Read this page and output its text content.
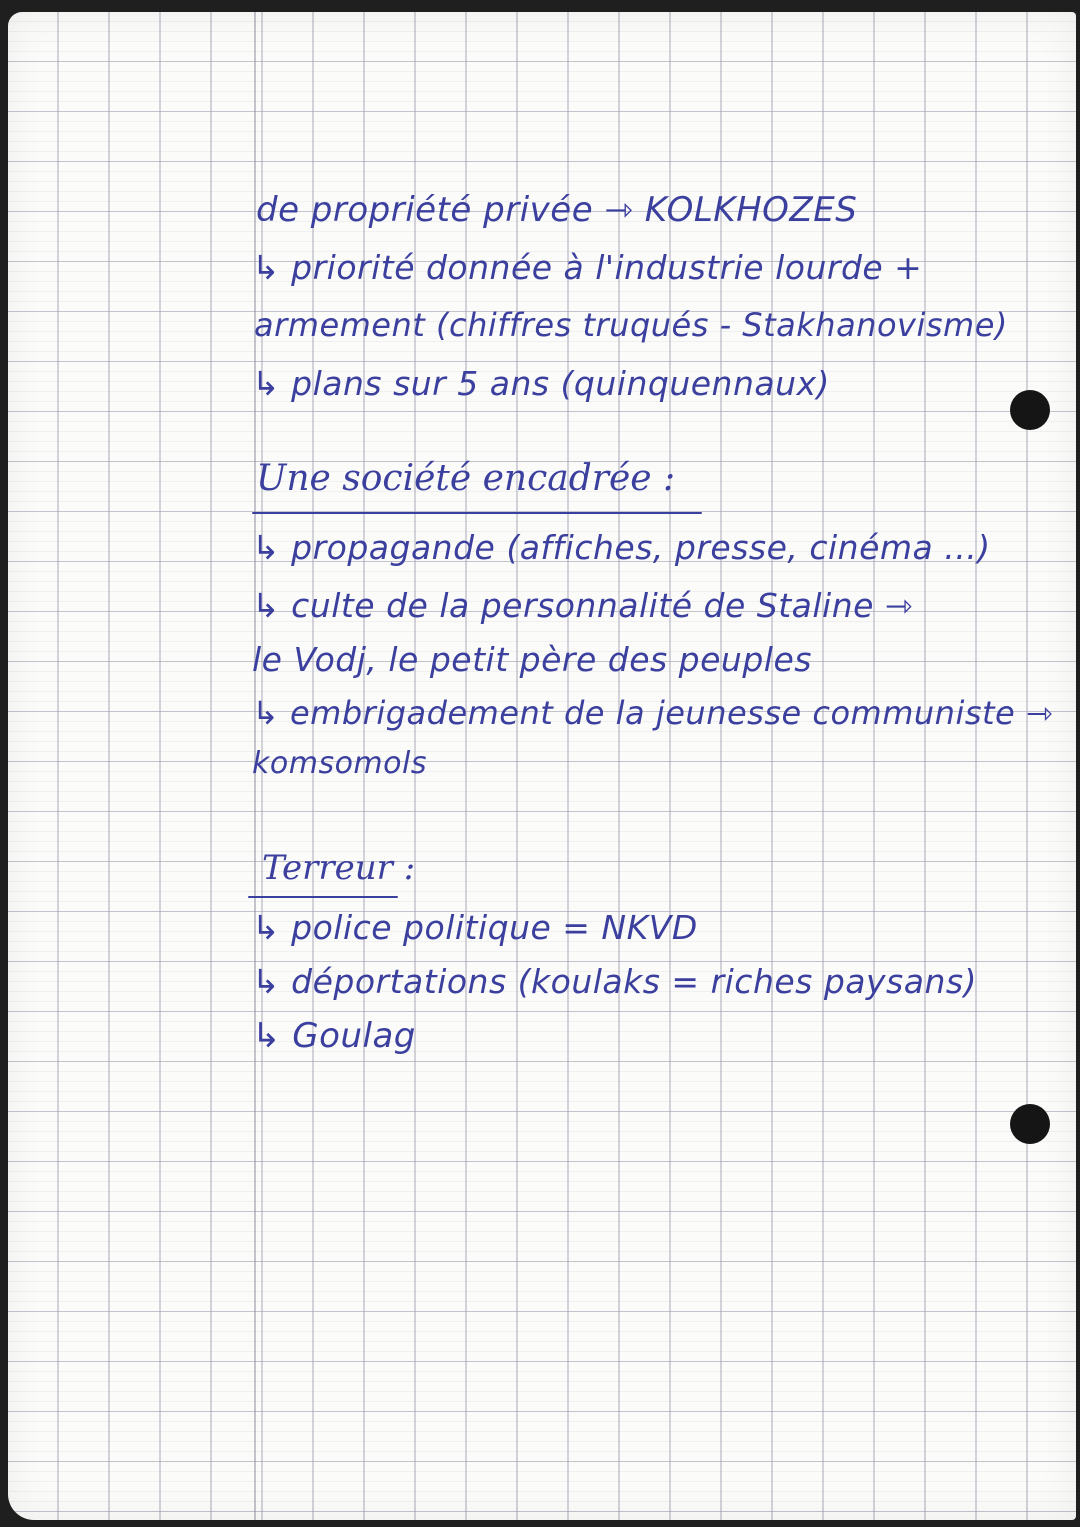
de propriété privée ⇾ KOLKHOZES
↳ priorité donnée à l'industrie lourde +
armement (chiffres truqués - Stakhanovisme)
↳ plans sur 5 ans (quinquennaux)
Une société encadrée :
↳ propagande (affiches, presse, cinéma ...)
↳ culte de la personnalité de Staline ⇾
le Vodj, le petit père des peuples
↳ embrigadement de la jeunesse communiste ⇾
komsomols
Terreur :
↳ police politique = NKVD
↳ déportations (koulaks = riches paysans)
↳ Goulag
